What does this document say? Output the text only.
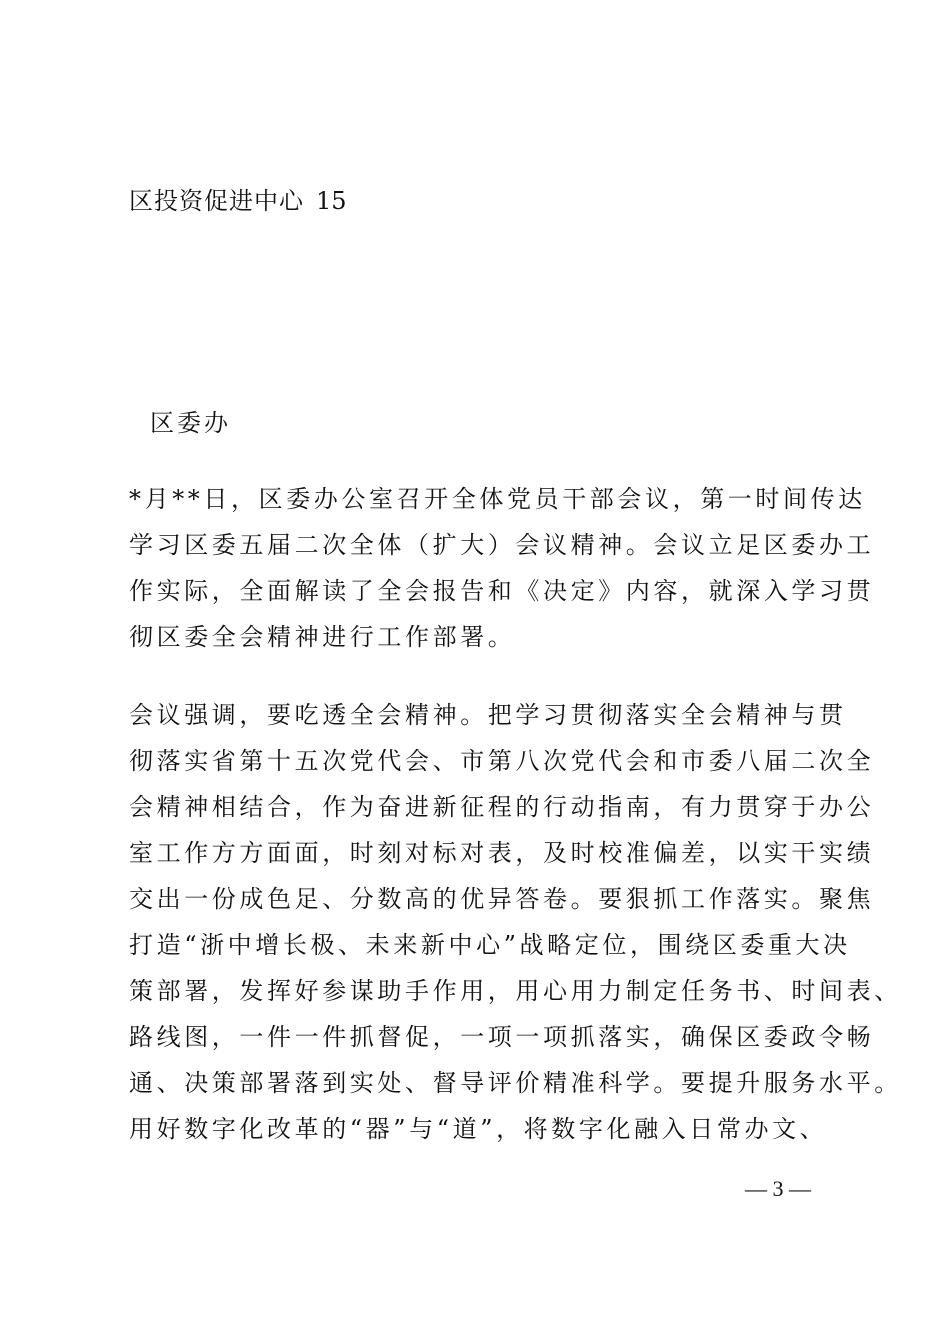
区投资促进中心 15
区委办
*月**日，区委办公室召开全体党员干部会议，第一时间传达
学习区委五届二次全体（扩大）会议精神。会议立足区委办工
作实际，全面解读了全会报告和《决定》内容，就深入学习贯
彻区委全会精神进行工作部署。
会议强调，要吃透全会精神。把学习贯彻落实全会精神与贯
彻落实省第十五次党代会、市第八次党代会和市委八届二次全
会精神相结合，作为奋进新征程的行动指南，有力贯穿于办公
室工作方方面面，时刻对标对表，及时校准偏差，以实干实绩
交出一份成色足、分数高的优异答卷。要狠抓工作落实。聚焦
打造“浙中增长极、未来新中心”战略定位，围绕区委重大决
策部署，发挥好参谋助手作用，用心用力制定任务书、时间表、
路线图，一件一件抓督促，一项一项抓落实，确保区委政令畅
通、决策部署落到实处、督导评价精准科学。要提升服务水平。
用好数字化改革的“器”与“道”，将数字化融入日常办文、
— 3 —
